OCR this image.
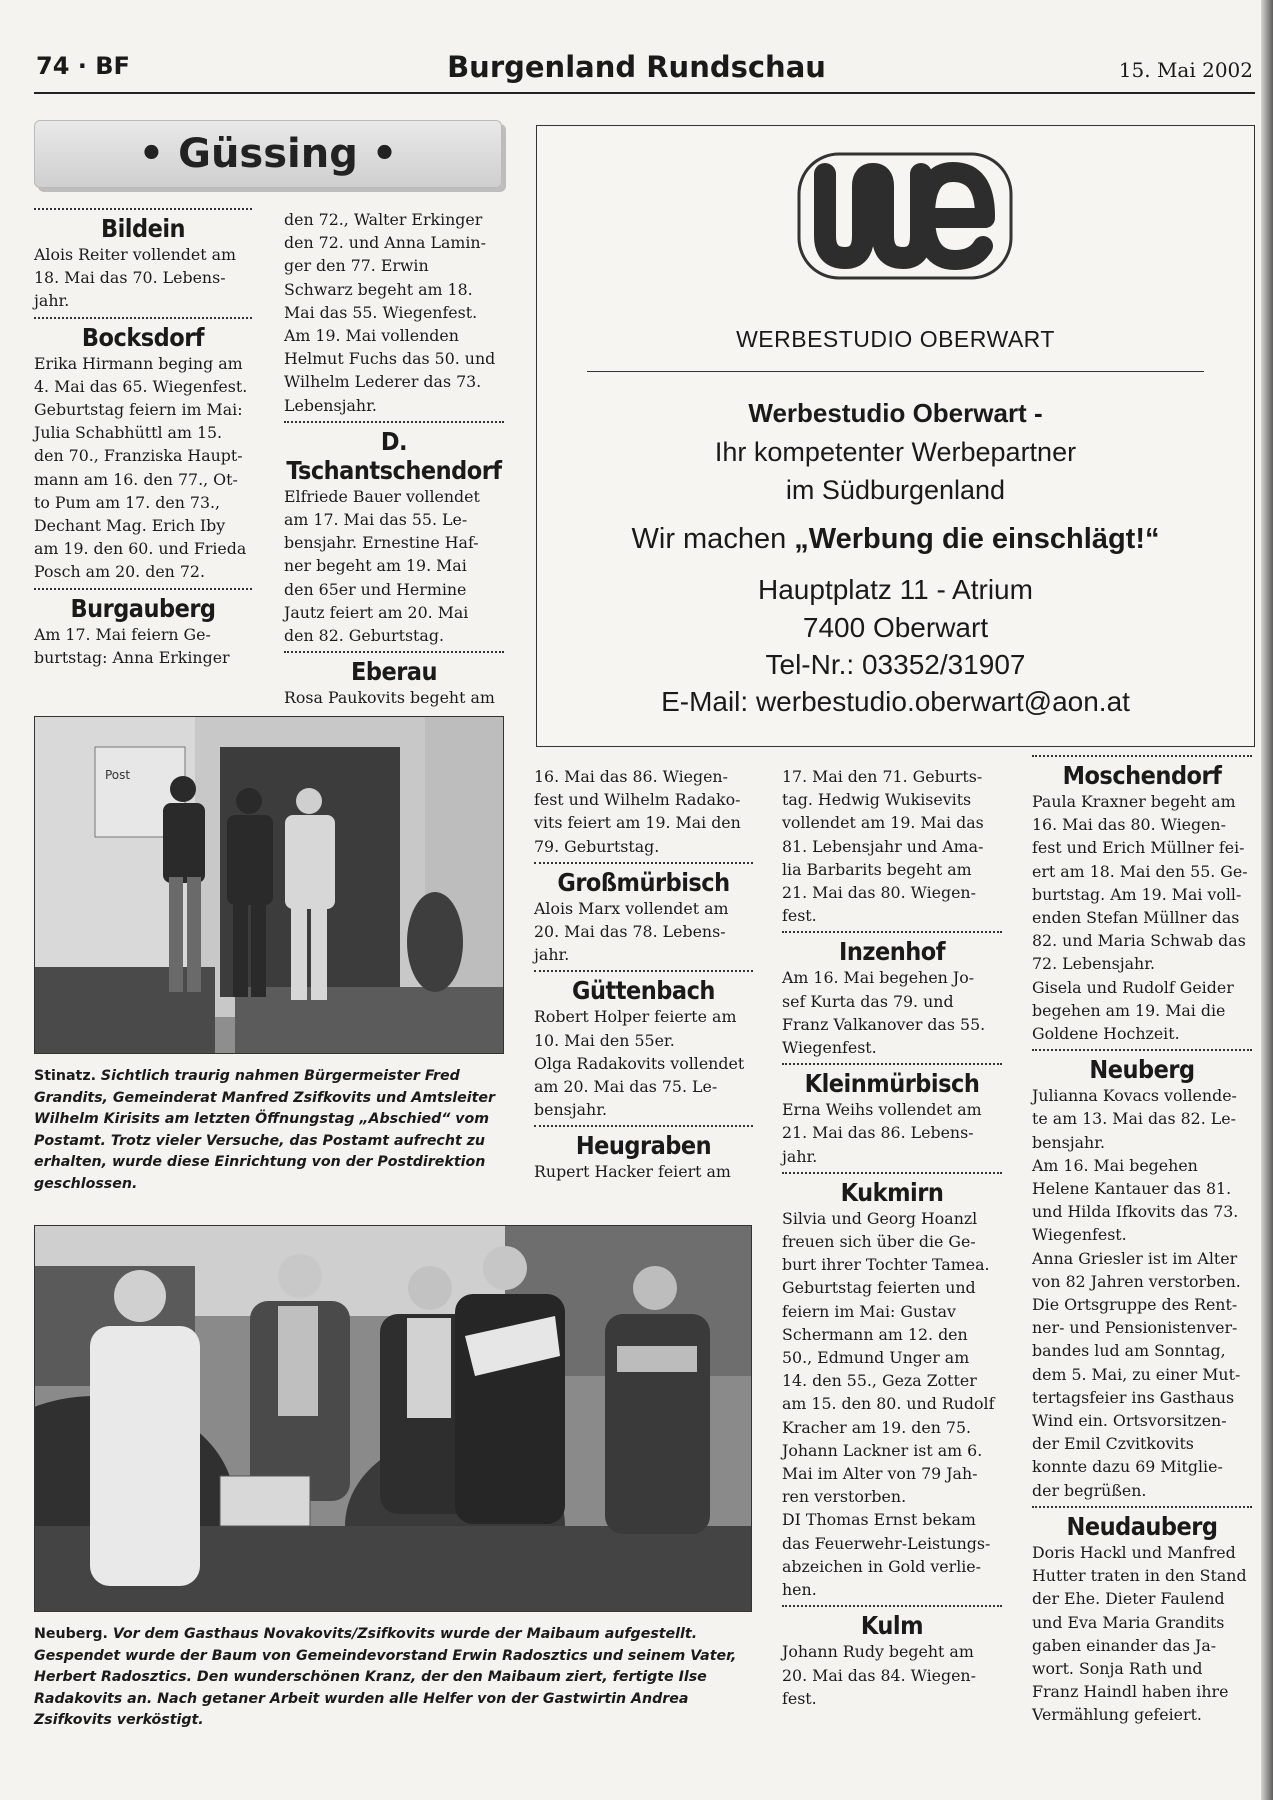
74 · BF	Burgenland Rundschau	15. Mai 2002
• Güssing •
Bildein

Alois Reiter vollendet am

18. Mai das 70. Lebens-

jahr.

Bocksdorf

Erika Hirmann beging am

4. Mai das 65. Wiegenfest.

Geburtstag feiern im Mai:

Julia Schabhüttl am 15.

den 70., Franziska Haupt-

mann am 16. den 77., Ot-

to Pum am 17. den 73.,

Dechant Mag. Erich Iby

am 19. den 60. und Frieda

Posch am 20. den 72.

Burgauberg

Am 17. Mai feiern Ge-

burtstag: Anna Erkinger

den 72., Walter Erkinger

den 72. und Anna Lamin-

ger den 77. Erwin

Schwarz begeht am 18.

Mai das 55. Wiegenfest.

Am 19. Mai vollenden

Helmut Fuchs das 50. und

Wilhelm Lederer das 73.

Lebensjahr.

D. Tschantschendorf

Elfriede Bauer vollendet

am 17. Mai das 55. Le-

bensjahr. Ernestine Haf-

ner begeht am 19. Mai

den 65er und Hermine

Jautz feiert am 20. Mai

den 82. Geburtstag.

Eberau

Rosa Paukovits begeht am

16. Mai das 86. Wiegen-

fest und Wilhelm Radako-

vits feiert am 19. Mai den

79. Geburtstag.

Großmürbisch

Alois Marx vollendet am

20. Mai das 78. Lebens-

jahr.

Güttenbach

Robert Holper feierte am

10. Mai den 55er.

Olga Radakovits vollendet

am 20. Mai das 75. Le-

bensjahr.

Heugraben

Rupert Hacker feiert am

17. Mai den 71. Geburts-

tag. Hedwig Wukisevits

vollendet am 19. Mai das

81. Lebensjahr und Ama-

lia Barbarits begeht am

21. Mai das 80. Wiegen-

fest.

Inzenhof

Am 16. Mai begehen Jo-

sef Kurta das 79. und

Franz Valkanover das 55.

Wiegenfest.

Kleinmürbisch

Erna Weihs vollendet am

21. Mai das 86. Lebens-

jahr.

Kukmirn

Silvia und Georg Hoanzl

freuen sich über die Ge-

burt ihrer Tochter Tamea.

Geburtstag feierten und

feiern im Mai: Gustav

Schermann am 12. den

50., Edmund Unger am

14. den 55., Geza Zotter

am 15. den 80. und Rudolf

Kracher am 19. den 75.

Johann Lackner ist am 6.

Mai im Alter von 79 Jah-

ren verstorben.

DI Thomas Ernst bekam

das Feuerwehr-Leistungs-

abzeichen in Gold verlie-

hen.

Kulm

Johann Rudy begeht am

20. Mai das 84. Wiegen-

fest.

Moschendorf

Paula Kraxner begeht am

16. Mai das 80. Wiegen-

fest und Erich Müllner fei-

ert am 18. Mai den 55. Ge-

burtstag. Am 19. Mai voll-

enden Stefan Müllner das

82. und Maria Schwab das

72. Lebensjahr.

Gisela und Rudolf Geider

begehen am 19. Mai die

Goldene Hochzeit.

Neuberg

Julianna Kovacs vollende-

te am 13. Mai das 82. Le-

bensjahr.

Am 16. Mai begehen

Helene Kantauer das 81.

und Hilda Ifkovits das 73.

Wiegenfest.

Anna Griesler ist im Alter

von 82 Jahren verstorben.

Die Ortsgruppe des Rent-

ner- und Pensionistenver-

bandes lud am Sonntag,

dem 5. Mai, zu einer Mut-

tertagsfeier ins Gasthaus

Wind ein. Ortsvorsitzen-

der Emil Czvitkovits

konnte dazu 69 Mitglie-

der begrüßen.

Neudauberg

Doris Hackl und Manfred

Hutter traten in den Stand

der Ehe. Dieter Faulend

und Eva Maria Grandits

gaben einander das Ja-

wort. Sonja Rath und

Franz Haindl haben ihre

Vermählung gefeiert.

we
WERBESTUDIO OBERWART
Werbestudio Oberwart -
Ihr kompetenter Werbepartner
im Südburgenland
Wir machen „Werbung die einschlägt!“
Hauptplatz 11 - Atrium
7400 Oberwart
Tel-Nr.: 03352/31907
E-Mail: werbestudio.oberwart@aon.at
Post
Stinatz. Sichtlich traurig nahmen Bürgermeister Fred Grandits, Gemeinderat Manfred Zsifkovits und Amtsleiter Wilhelm Kirisits am letzten Öffnungstag „Abschied“ vom Postamt. Trotz vieler Versuche, das Postamt aufrecht zu erhalten, wurde diese Einrichtung von der Postdirektion geschlossen.
Neuberg. Vor dem Gasthaus Novakovits/Zsifkovits wurde der Maibaum aufgestellt. Gespendet wurde der Baum von Gemeindevorstand Erwin Radosztics und seinem Vater, Herbert Radosztics. Den wunderschönen Kranz, der den Maibaum ziert, fertigte Ilse Radakovits an. Nach getaner Arbeit wurden alle Helfer von der Gastwirtin Andrea Zsifkovits verköstigt.
